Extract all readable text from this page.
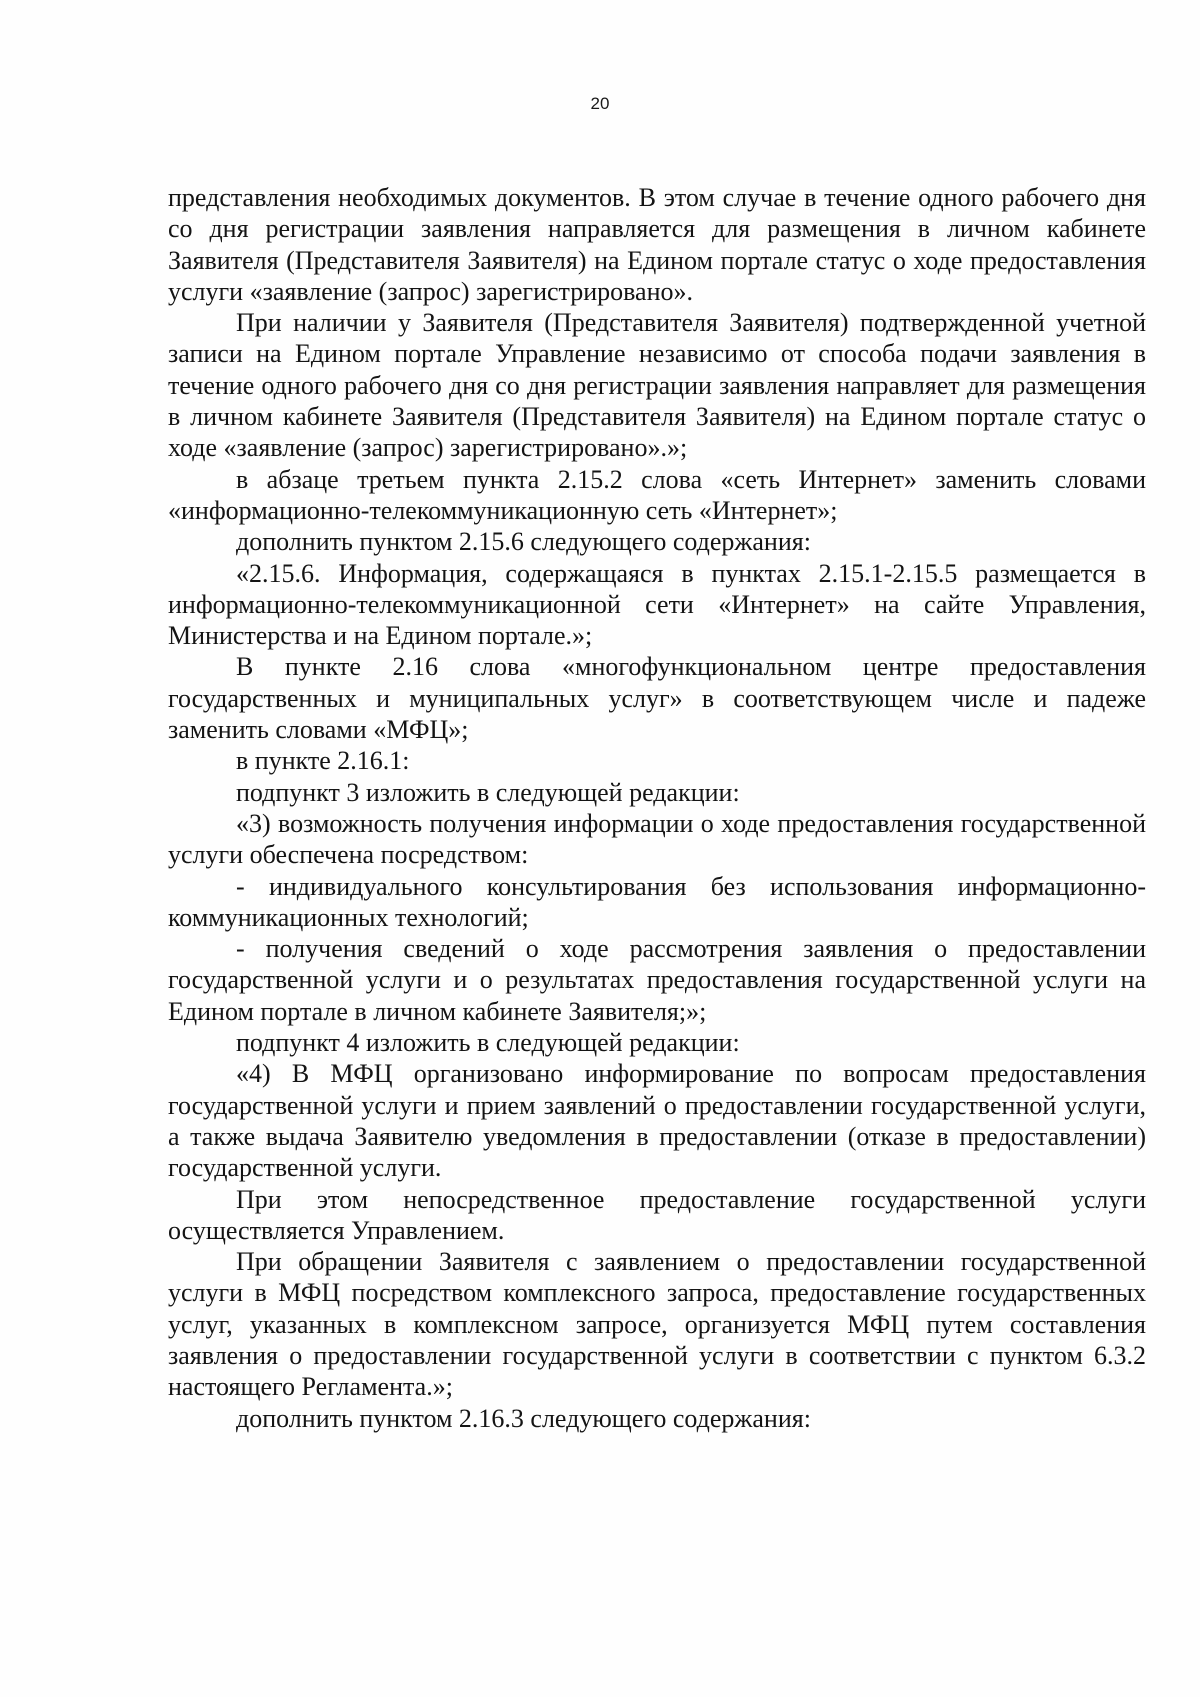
20

представления необходимых документов. В этом случае в течение одного рабочего дня со дня регистрации заявления направляется для размещения в личном кабинете Заявителя (Представителя Заявителя) на Едином портале статус о ходе предоставления услуги «заявление (запрос) зарегистрировано».

При наличии у Заявителя (Представителя Заявителя) подтвержденной учетной записи на Едином портале Управление независимо от способа подачи заявления в течение одного рабочего дня со дня регистрации заявления направляет для размещения в личном кабинете Заявителя (Представителя Заявителя) на Едином портале статус о ходе «заявление (запрос) зарегистрировано».»;

в абзаце третьем пункта 2.15.2 слова «сеть Интернет» заменить словами «информационно-телекоммуникационную сеть «Интернет»;

дополнить пунктом 2.15.6 следующего содержания:

«2.15.6. Информация, содержащаяся в пунктах 2.15.1-2.15.5 размещается в информационно-телекоммуникационной сети «Интернет» на сайте Управления, Министерства и на Едином портале.»;

В пункте 2.16 слова «многофункциональном центре предоставления государственных и муниципальных услуг» в соответствующем числе и падеже заменить словами «МФЦ»;

в пункте 2.16.1:

подпункт 3 изложить в следующей редакции:

«3) возможность получения информации о ходе предоставления государственной услуги обеспечена посредством:

- индивидуального консультирования без использования информационно-коммуникационных технологий;

- получения сведений о ходе рассмотрения заявления о предоставлении государственной услуги и о результатах предоставления государственной услуги на Едином портале в личном кабинете Заявителя;»;

подпункт 4 изложить в следующей редакции:

«4) В МФЦ организовано информирование по вопросам предоставления государственной услуги и прием заявлений о предоставлении государственной услуги, а также выдача Заявителю уведомления в предоставлении (отказе в предоставлении) государственной услуги.

При этом непосредственное предоставление государственной услуги осуществляется Управлением.

При обращении Заявителя с заявлением о предоставлении государственной услуги в МФЦ посредством комплексного запроса, предоставление государственных услуг, указанных в комплексном запросе, организуется МФЦ путем составления заявления о предоставлении государственной услуги в соответствии с пунктом 6.3.2 настоящего Регламента.»;

дополнить пунктом 2.16.3 следующего содержания:
